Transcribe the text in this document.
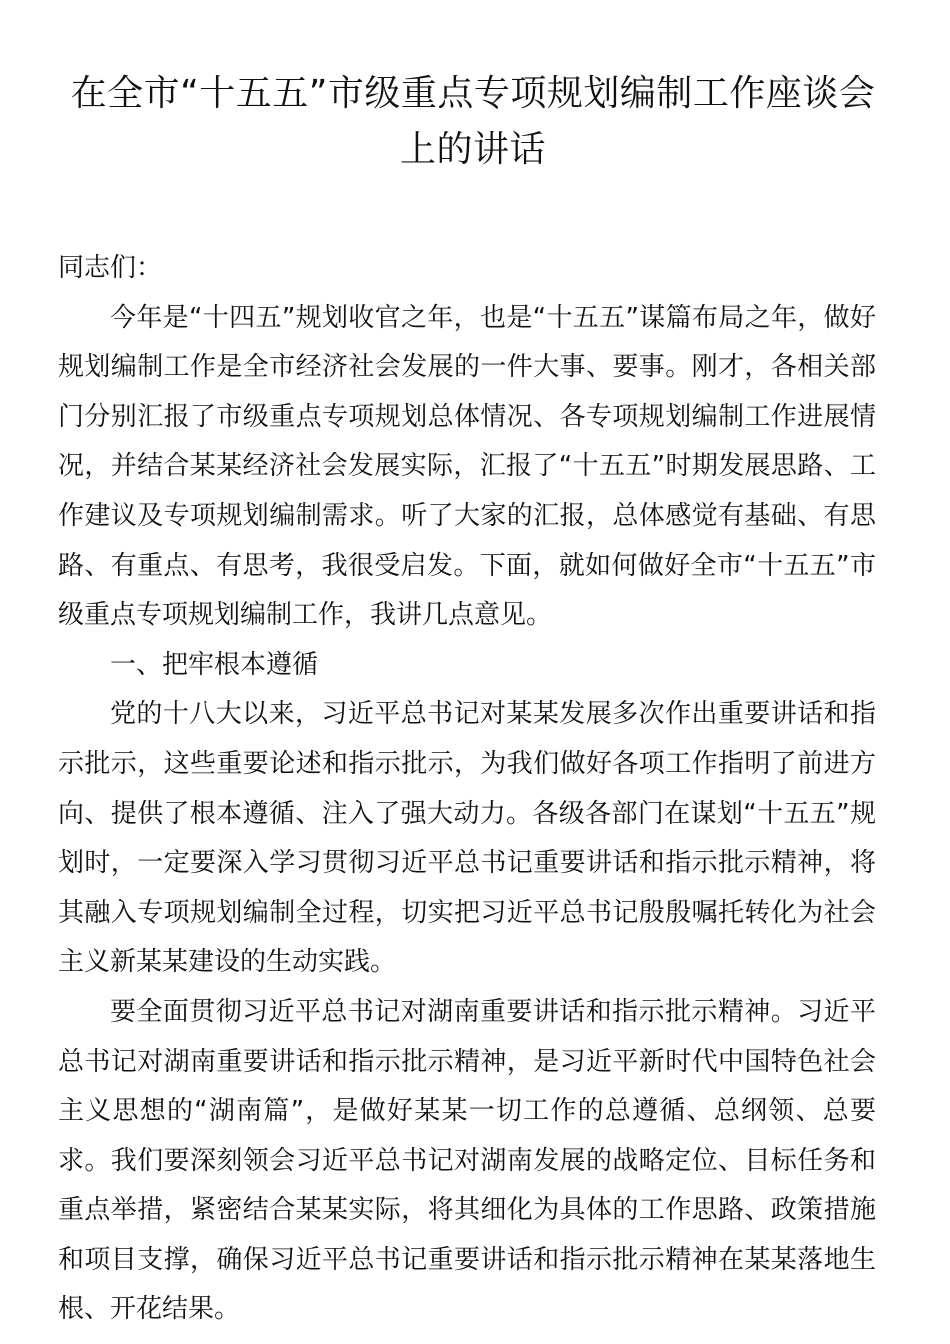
在全市“十五五”市级重点专项规划编制工作座谈会上的讲话

同志们：

今年是“十四五”规划收官之年，也是“十五五”谋篇布局之年，做好规划编制工作是全市经济社会发展的一件大事、要事。刚才，各相关部门分别汇报了市级重点专项规划总体情况、各专项规划编制工作进展情况，并结合某某经济社会发展实际，汇报了“十五五”时期发展思路、工作建议及专项规划编制需求。听了大家的汇报，总体感觉有基础、有思路、有重点、有思考，我很受启发。下面，就如何做好全市“十五五”市级重点专项规划编制工作，我讲几点意见。

一、把牢根本遵循

党的十八大以来，习近平总书记对某某发展多次作出重要讲话和指示批示，这些重要论述和指示批示，为我们做好各项工作指明了前进方向、提供了根本遵循、注入了强大动力。各级各部门在谋划“十五五”规划时，一定要深入学习贯彻习近平总书记重要讲话和指示批示精神，将其融入专项规划编制全过程，切实把习近平总书记殷殷嘱托转化为社会主义新某某建设的生动实践。

要全面贯彻习近平总书记对湖南重要讲话和指示批示精神。习近平总书记对湖南重要讲话和指示批示精神，是习近平新时代中国特色社会主义思想的“湖南篇”，是做好某某一切工作的总遵循、总纲领、总要求。我们要深刻领会习近平总书记对湖南发展的战略定位、目标任务和重点举措，紧密结合某某实际，将其细化为具体的工作思路、政策措施和项目支撑，确保习近平总书记重要讲话和指示批示精神在某某落地生根、开花结果。
